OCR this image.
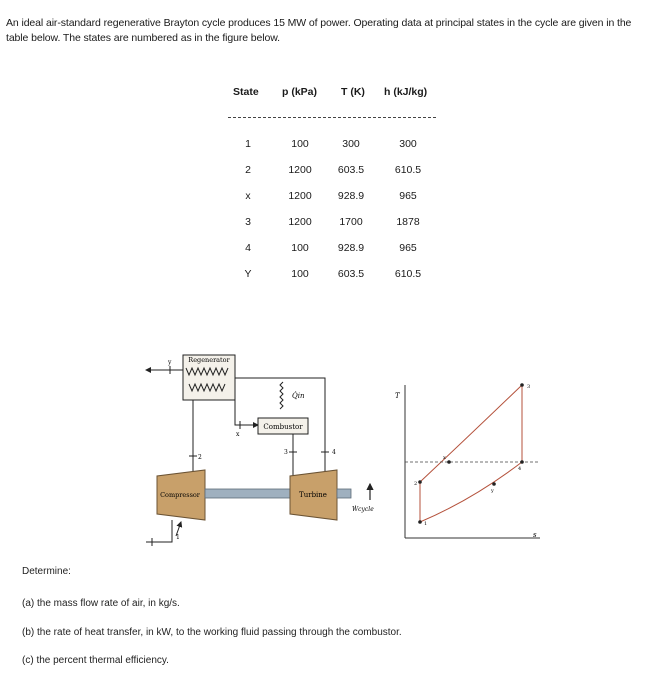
An ideal air-standard regenerative Brayton cycle produces 15 MW of power. Operating data at principal states in the cycle are given in the table below. The states are numbered as in the figure below.
State p (kPa) T (K) h (kJ/kg)
1	100	300	300
2	1200	603.5	610.5
x	1200	928.9	965
3	1200	1700	1878
4	100	928.9	965
Y	100	603.5	610.5
Regenerator
y
2
x
Combustor
Q̇in
3	4
Compressor	Turbine
Ẇcycle
1
T
s
1
2
3
4
x
y
Determine:
(a) the mass flow rate of air, in kg/s.
(b) the rate of heat transfer, in kW, to the working fluid passing through the combustor.
(c) the percent thermal efficiency.
